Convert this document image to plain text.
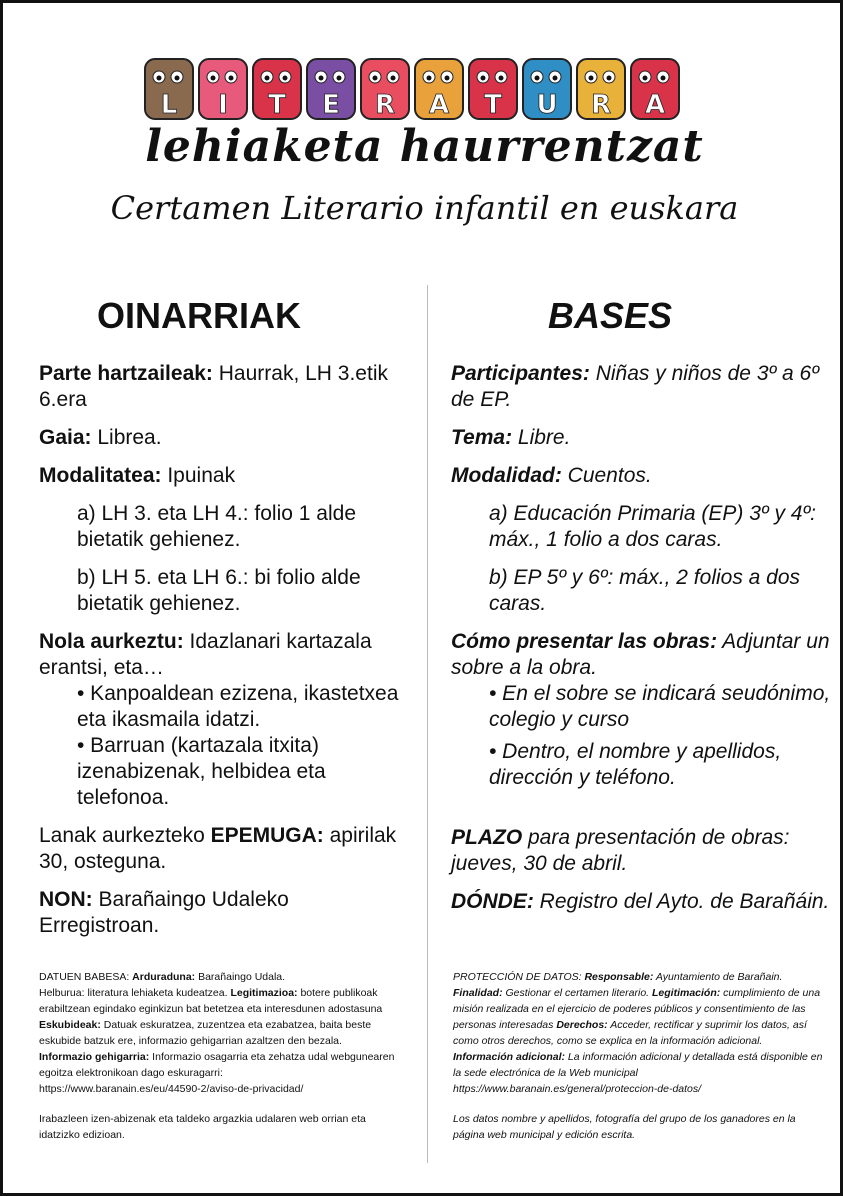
L I T E R A T U R A
lehiaketa haurrentzat
Certamen Literario infantil en euskara
OINARRIAK

Parte hartzaileak: Haurrak, LH 3.etik 6.era

Gaia: Librea.

Modalitatea: Ipuinak

a) LH 3. eta LH 4.: folio 1 alde bietatik gehienez.

b) LH 5. eta LH 6.: bi folio alde bietatik gehienez.

Nola aurkeztu: Idazlanari kartazala erantsi, eta…

• Kanpoaldean ezizena, ikastetxea eta ikasmaila idatzi.

• Barruan (kartazala itxita) izenabizenak, helbidea eta telefonoa.

Lanak aurkezteko EPEMUGA: apirilak 30, osteguna.

NON: Barañaingo Udaleko Erregistroan.

BASES

Participantes: Niñas y niños de 3º a 6º de EP.

Tema: Libre.

Modalidad: Cuentos.

a) Educación Primaria (EP) 3º y 4º: máx., 1 folio a dos caras.

b) EP 5º y 6º: máx., 2 folios a dos caras.

Cómo presentar las obras: Adjuntar un sobre a la obra.

• En el sobre se indicará seudónimo, colegio y curso

• Dentro, el nombre y apellidos, dirección y teléfono.

PLAZO para presentación de obras: jueves, 30 de abril.

DÓNDE: Registro del Ayto. de Barañáin.

DATUEN BABESA: Arduraduna: Barañaingo Udala.
Helburua: literatura lehiaketa kudeatzea. Legitimazioa: botere publikoak erabiltzean egindako eginkizun bat betetzea eta interesdunen adostasuna
Eskubideak: Datuak eskuratzea, zuzentzea eta ezabatzea, baita beste eskubide batzuk ere, informazio gehigarrian azaltzen den bezala.
Informazio gehigarria: Informazio osagarria eta zehatza udal webgunearen egoitza elektronikoan dago eskuragarri:
https://www.baranain.es/eu/44590-2/aviso-de-privacidad/
Irabazleen izen-abizenak eta taldeko argazkia udalaren web orrian eta idatzizko edizioan.
PROTECCIÓN DE DATOS: Responsable: Ayuntamiento de Barañain.
Finalidad: Gestionar el certamen literario. Legitimación: cumplimiento de una misión realizada en el ejercicio de poderes públicos y consentimiento de las personas interesadas Derechos: Acceder, rectificar y suprimir los datos, así como otros derechos, como se explica en la información adicional.
Información adicional: La información adicional y detallada está disponible en la sede electrónica de la Web municipal
https://www.baranain.es/general/proteccion-de-datos/
Los datos nombre y apellidos, fotografía del grupo de los ganadores en la página web municipal y edición escrita.
